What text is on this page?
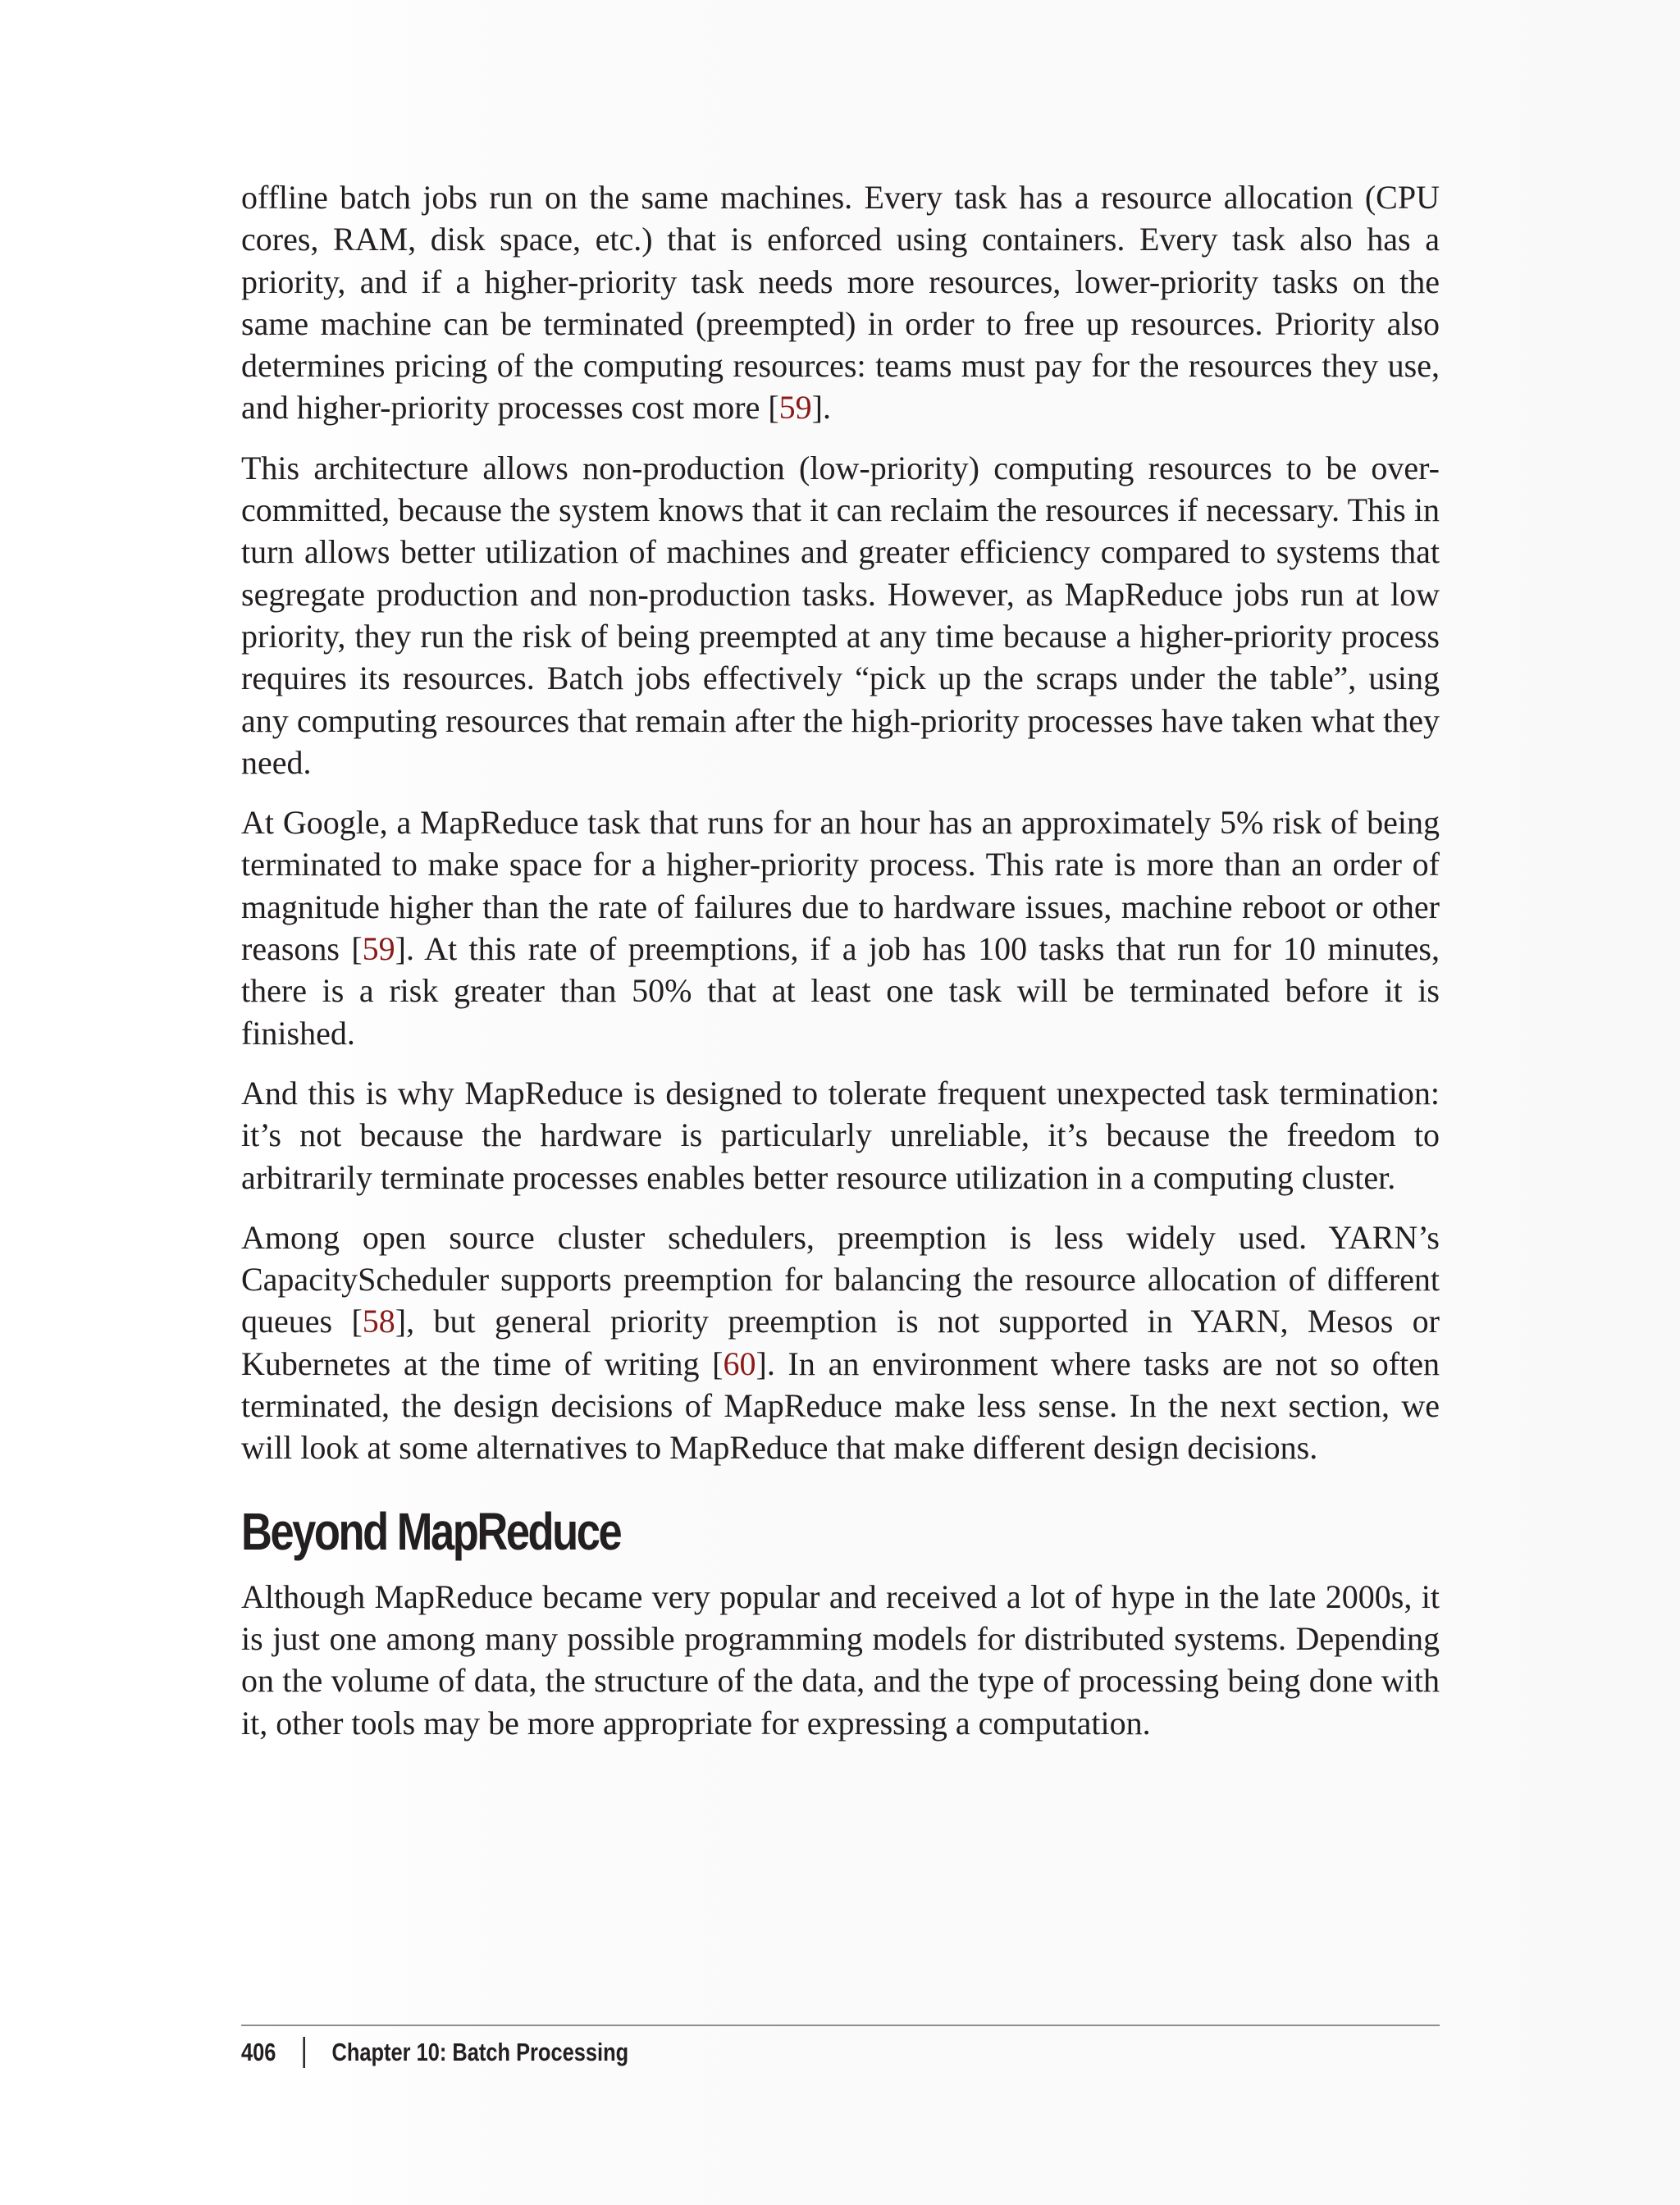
offline batch jobs run on the same machines. Every task has a resource allocation (CPU cores, RAM, disk space, etc.) that is enforced using containers. Every task also has a priority, and if a higher-priority task needs more resources, lower-priority tasks on the same machine can be terminated (preempted) in order to free up resources. Priority also determines pricing of the computing resources: teams must pay for the resources they use, and higher-priority processes cost more [59].

This architecture allows non-production (low-priority) computing resources to be over-committed, because the system knows that it can reclaim the resources if necessary. This in turn allows better utilization of machines and greater efficiency compared to systems that segregate production and non-production tasks. However, as MapReduce jobs run at low priority, they run the risk of being preempted at any time because a higher-priority process requires its resources. Batch jobs effectively “pick up the scraps under the table”, using any computing resources that remain after the high-priority processes have taken what they need.

At Google, a MapReduce task that runs for an hour has an approximately 5% risk of being terminated to make space for a higher-priority process. This rate is more than an order of magnitude higher than the rate of failures due to hardware issues, machine reboot or other reasons [59]. At this rate of preemptions, if a job has 100 tasks that run for 10 minutes, there is a risk greater than 50% that at least one task will be terminated before it is finished.

And this is why MapReduce is designed to tolerate frequent unexpected task termination: it’s not because the hardware is particularly unreliable, it’s because the freedom to arbitrarily terminate processes enables better resource utilization in a computing cluster.

Among open source cluster schedulers, preemption is less widely used. YARN’s CapacityScheduler supports preemption for balancing the resource allocation of different queues [58], but general priority preemption is not supported in YARN, Mesos or Kubernetes at the time of writing [60]. In an environment where tasks are not so often terminated, the design decisions of MapReduce make less sense. In the next section, we will look at some alternatives to MapReduce that make different design decisions.

Beyond MapReduce

Although MapReduce became very popular and received a lot of hype in the late 2000s, it is just one among many possible programming models for distributed systems. Depending on the volume of data, the structure of the data, and the type of processing being done with it, other tools may be more appropriate for expressing a computation.

406 Chapter 10: Batch Processing
